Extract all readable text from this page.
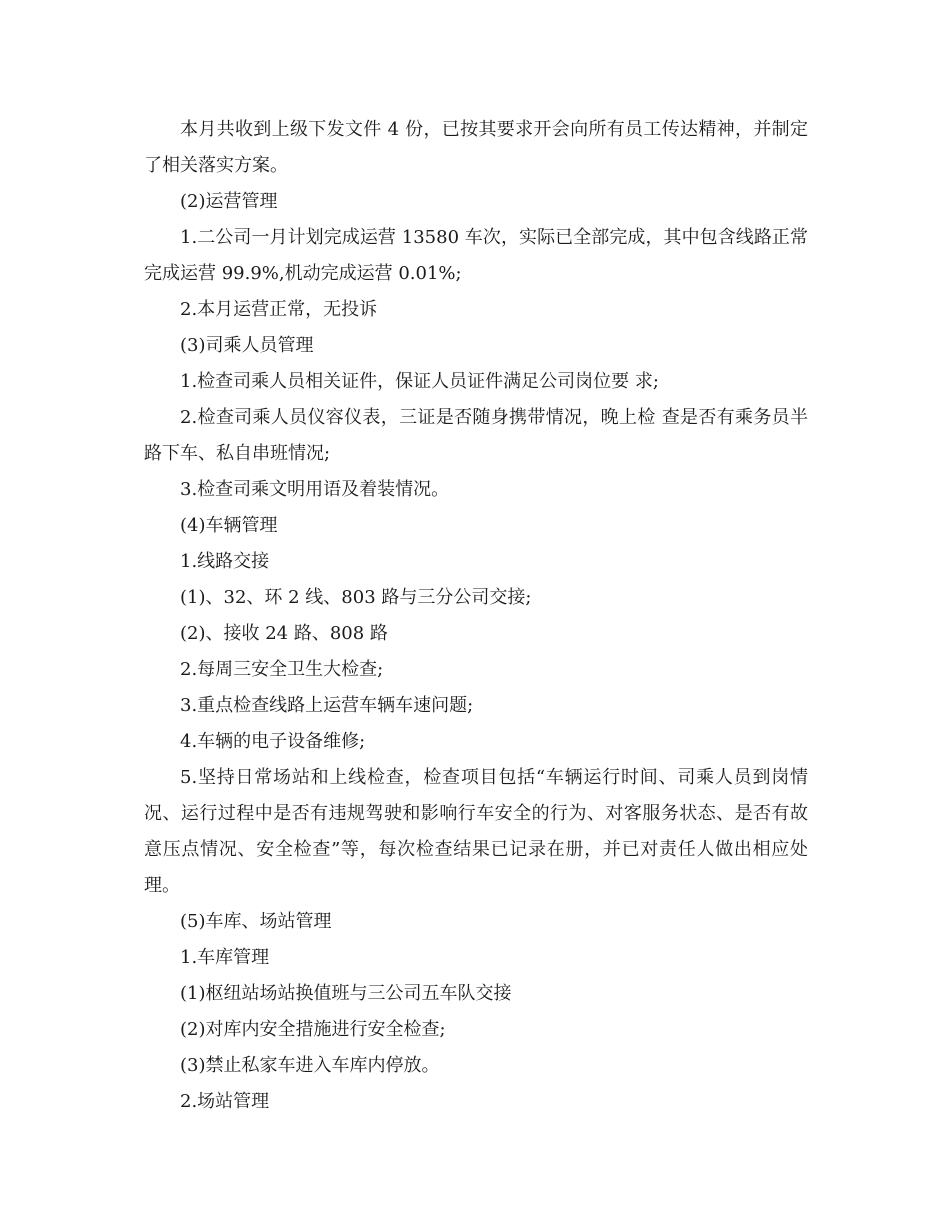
本月共收到上级下发文件 4 份，已按其要求开会向所有员工传达精神，并制定了相关落实方案。

(2)运营管理

1.二公司一月计划完成运营 13580 车次，实际已全部完成，其中包含线路正常完成运营 99.9%,机动完成运营 0.01%;

2.本月运营正常，无投诉

(3)司乘人员管理

1.检查司乘人员相关证件，保证人员证件满足公司岗位要 求;

2.检查司乘人员仪容仪表，三证是否随身携带情况，晚上检 查是否有乘务员半路下车、私自串班情况;

3.检查司乘文明用语及着装情况。

(4)车辆管理

1.线路交接

(1)、32、环 2 线、803 路与三分公司交接;

(2)、接收 24 路、808 路

2.每周三安全卫生大检查;

3.重点检查线路上运营车辆车速问题;

4.车辆的电子设备维修;

5.坚持日常场站和上线检查，检查项目包括“车辆运行时间、司乘人员到岗情况、运行过程中是否有违规驾驶和影响行车安全的行为、对客服务状态、是否有故意压点情况、安全检查”等，每次检查结果已记录在册，并已对责任人做出相应处理。

(5)车库、场站管理

1.车库管理

(1)枢纽站场站换值班与三公司五车队交接

(2)对库内安全措施进行安全检查;

(3)禁止私家车进入车库内停放。

2.场站管理
